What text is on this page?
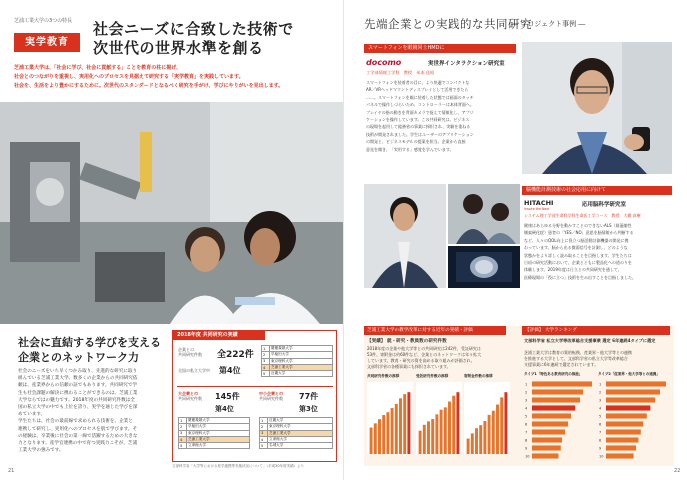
芝浦工業大学の3つの特長
実学教育
社会ニーズに合致した技術で
次世代の世界水準を創る
芝浦工業大学は、「社会に学び、社会に貢献する」ことを教育の柱に掲げ、
社会とのつながりを重視し、実用化へのプロセスを見据えて研究する「実学教育」を実践しています。
社会を、生活をより豊かにするために。次世代のスタンダードとなるべく研究を手がけ、学びにやりがいを見出します。
社会に直結する学びを支える
企業とのネットワーク力
社会のニーズをいち早くつかみ取り、先進的な研究に取り
組んでいる芝浦工業大学。数多くの企業からの共同研究依
頼は、産業界からの信頼の証でもあります。共同研究で学
生も社会課題の解決に携わることができるのは、芝浦工業
大学ならではの魅力です。2018年度の共同研究件数は全
国の私立大学の中でも上位を誇り、実学を通じた学びを深
めています。
学生たちは、社会の最前線で求められる技術を、企業と
連携して研究し、実用化へのプロセスを肌で学びます。そ
の経験は、卒業後に社会の第一線で活躍するための大きな
力となります。産学官連携の中で育つ実践力こそが、芝浦
工業大学の強みです。
2018年度 共同研究の実績
企業との
共同研究件数	全222件
全国の私立大学中 第4位
1	慶應義塾大学
2	早稲田大学
3	東京理科大学
4	芝浦工業大学
5	近畿大学
大企業との
共同研究件数 145件
第4位
中小企業との
共同研究件数 77件
第3位
1	慶應義塾大学
2	早稲田大学
3	東京理科大学
4	芝浦工業大学
5	立命館大学
1	近畿大学
2	東京理科大学
3	芝浦工業大学
4	立命館大学
5	名城大学
文部科学省「大学等における産学連携等実施状況について」（平成30年度実績）より
21
先端企業との実践的な共同研究
― プロジェクト事例 ―
スマートフォンを眼鏡同士HMDに
docomo	実世界インタラクション研究室
工学部情報工学科　教授　米本 佳昭
スマートフォンを装着者の目に、より快適でコンパクトな
AR／VRヘッドマウントディスプレイとして活用できたら
……。スマートフォンを顔に装着した状態では画面のタッチ
パネルで操作しづらいため、コントローラーは本体背面へ。
プレイヤの指の動きを背面カメラで捉えて情報化し、アプリ
ケーションを操作しています。この共同研究は、ビジネス
の現場を起用して総務省の事業に採択され、実験を重ねる
技術が開発されました。学生はユーザーのアプリケーション
の開発と、ビジネスモデルの提案を担当。企業から直接
意見を聞き、「実用する」感覚を学んでいます。
脳機能計測技術の社会応用に向けて
HITACHI
Inspire the Next
応用脳科学研究室
システム理工学部生命科学科生命医工学コース　教授　大橋 真樹
健康はあらゆる分野を動かすことのできないALS（筋萎縮性
側索硬化症）患者の「YES／NO」意思を脳情報から判断する
など、人々のQOL向上に役立つ脳活動計測機器の開発に携
わっています。脳から出る微弱信号を計測し、どのような
状態かをより詳しく読み取ることを目指します。学生たちは
日頃の研究活動において、企業とともに製品化への道のりを
体験します。2019年度は日立との共同研究を通して、
医療現場の「役に立つ」技術を生み出すことを目指しました。
芝浦工業大学の教学改革に対する近年の実績・評価
【実績】 就・研究・教員数の研究件数
2018年度の企業や他大学等との共同研究は242件、受託研究は
53件、寄附金は約60件など、企業とのネットワークは年々拡大
しています。教育・研究の質を高める取り組みが評価され、
文部科学省の各種事業にも採択されています。
共同研究件数の推移	受託研究件数の推移	寄附金件数の推移
【評価】 大学ランキング
文部科学省 私立大学等改革総合支援事業 選定 6年連続4タイプに選定
芝浦工業大学は教育の質的転換、産業界・他大学等との連携
を推進する大学として、文部科学省の私立大学等改革総合
支援事業に6年連続で選定されています。
タイプ1「特色ある教育研究の推進」	タイプ2「産業界・他大学等との連携」
1
2
3
4
5
6
7
8
9
10
1
2
3
4
5
6
7
8
9
10
22
